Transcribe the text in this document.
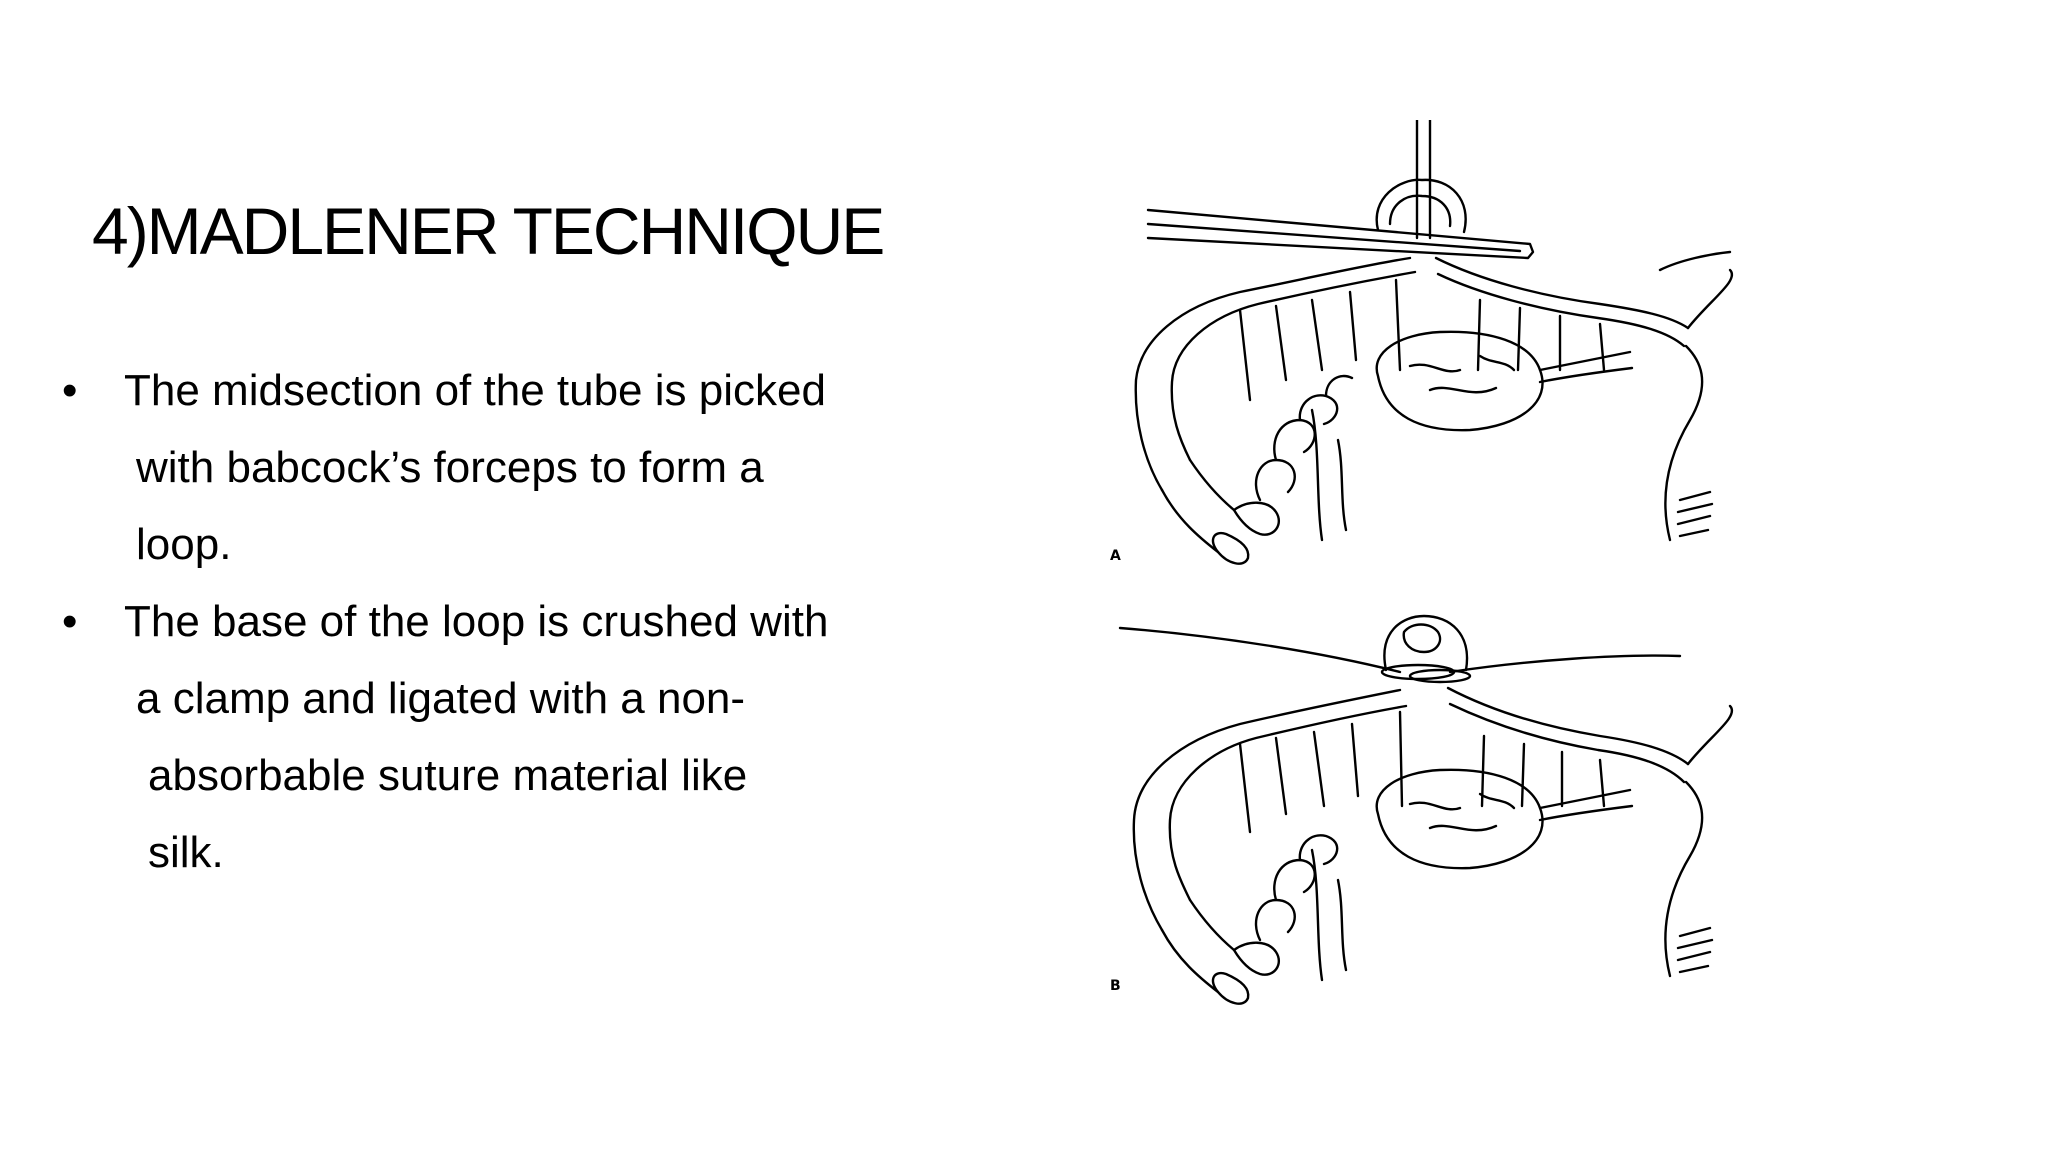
4)MADLENER TECHNIQUE
• The midsection of the tube is picked
with babcock’s forceps to form a
loop.
• The base of the loop is crushed with
a clamp and ligated with a non-
absorbable suture material like
silk.
A
B
